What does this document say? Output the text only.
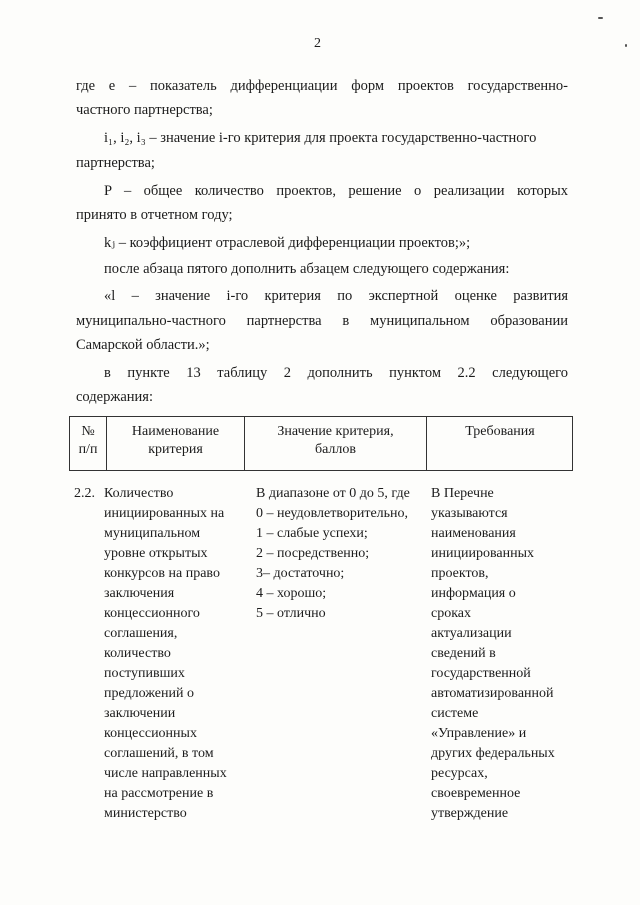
2
где e – показатель дифференциации форм проектов государственно-
частного партнерства;
i₁, i₂, i₃ – значение i-го критерия для проекта государственно-частного
партнерства;
P – общее количество проектов, решение о реализации которых
принято в отчетном году;
kⱼ – коэффициент отраслевой дифференциации проектов;»;
после абзаца пятого дополнить абзацем следующего содержания:
«l – значение i-го критерия по экспертной оценке развития
муниципально-частного партнерства в муниципальном образовании
Самарской области.»;
в пункте 13 таблицу 2 дополнить пунктом 2.2 следующего
содержания:
№
п/п
Наименование
критерия
Значение критерия,
баллов
Требования
2.2. Количество
инициированных на
муниципальном
уровне открытых
конкурсов на право
заключения
концессионного
соглашения,
количество
поступивших
предложений о
заключении
концессионных
соглашений, в том
числе направленных
на рассмотрение в
министерство
В диапазоне от 0 до 5, где
0 – неудовлетворительно,
1 – слабые успехи;
2 – посредственно;
3– достаточно;
4 – хорошо;
5 – отлично
В Перечне
указываются
наименования
инициированных
проектов,
информация о
сроках
актуализации
сведений в
государственной
автоматизированной
системе
«Управление» и
других федеральных
ресурсах,
своевременное
утверждение
